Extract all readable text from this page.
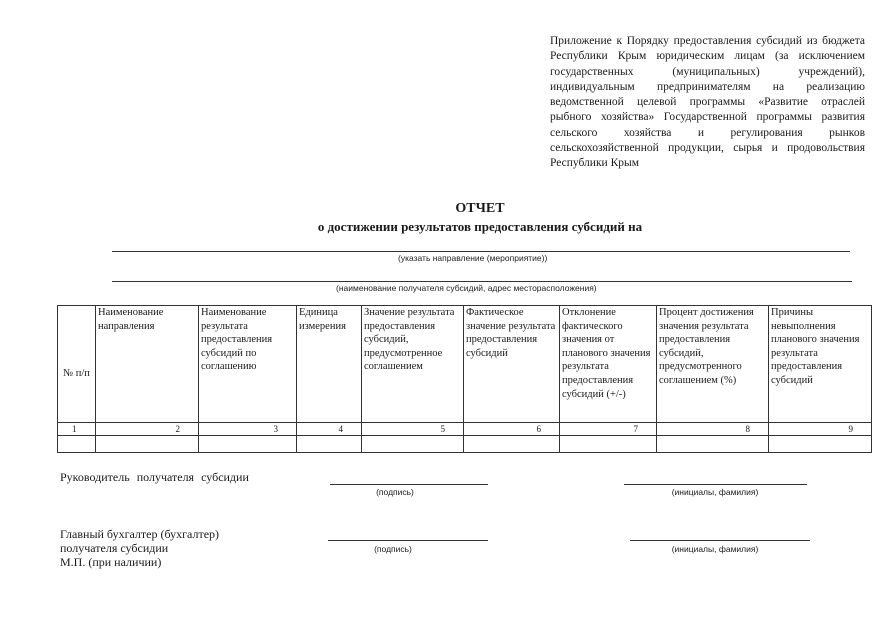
Приложение к Порядку предоставления субсидий из бюджета Республики Крым юридическим лицам (за исключением государственных (муниципальных) учреждений), индивидуальным предпринимателям на реализацию ведомственной целевой программы «Развитие отраслей рыбного хозяйства» Государственной программы развития сельского хозяйства и регулирования рынков сельскохозяйственной продукции, сырья и продовольствия Республики Крым
ОТЧЕТ
о достижении результатов предоставления субсидий на
(указать направление (мероприятие))
(наименование получателя субсидий, адрес месторасположения)
№ п/п	Наименование направления	Наименование результата предоставления субсидий по соглашению	Единица измерения	Значение результата предоставления субсидий, предусмотренное соглашением	Фактическое значение результата предоставления субсидий	Отклонение фактического значения от планового значения результата предоставления субсидий (+/-)	Процент достижения значения результата предоставления субсидий, предусмотренного соглашением (%)	Причины невыполнения планового значения результата предоставления субсидий
1	2	3	4	5	6	7	8	9

Руководитель получателя субсидии
(подпись)	(инициалы, фамилия)
Главный бухгалтер (бухгалтер)
получателя субсидии
М.П. (при наличии)
(подпись)	(инициалы, фамилия)
